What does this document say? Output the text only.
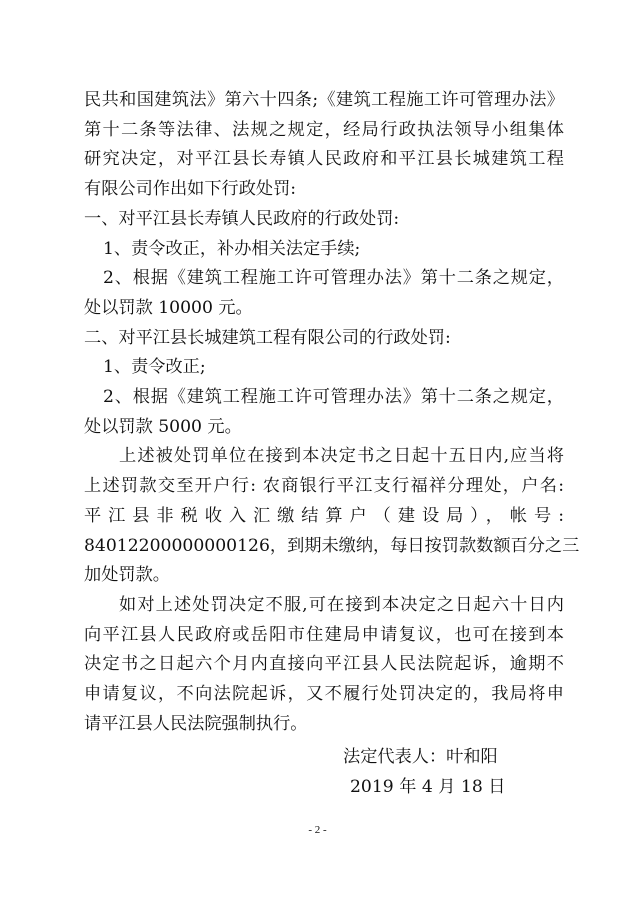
民共和国建筑法》第六十四条;《建筑工程施工许可管理办法》
第十二条等法律、法规之规定，经局行政执法领导小组集体
研究决定，对平江县长寿镇人民政府和平江县长城建筑工程
有限公司作出如下行政处罚:
一、对平江县长寿镇人民政府的行政处罚:
1、责令改正，补办相关法定手续;
2、根据《建筑工程施工许可管理办法》第十二条之规定，
处以罚款 10000 元。
二、对平江县长城建筑工程有限公司的行政处罚:
1、责令改正;
2、根据《建筑工程施工许可管理办法》第十二条之规定，
处以罚款 5000 元。
上述被处罚单位在接到本决定书之日起十五日内,应当将
上述罚款交至开户行: 农商银行平江支行福祥分理处，户名:
平江县非税收入汇缴结算户（建设局），帐号:
84012200000000126，到期未缴纳，每日按罚款数额百分之三
加处罚款。
如对上述处罚决定不服,可在接到本决定之日起六十日内
向平江县人民政府或岳阳市住建局申请复议，也可在接到本
决定书之日起六个月内直接向平江县人民法院起诉，逾期不
申请复议，不向法院起诉，又不履行处罚决定的，我局将申
请平江县人民法院强制执行。
- 2 -
法定代表人：叶和阳
2019 年 4 月 18 日
